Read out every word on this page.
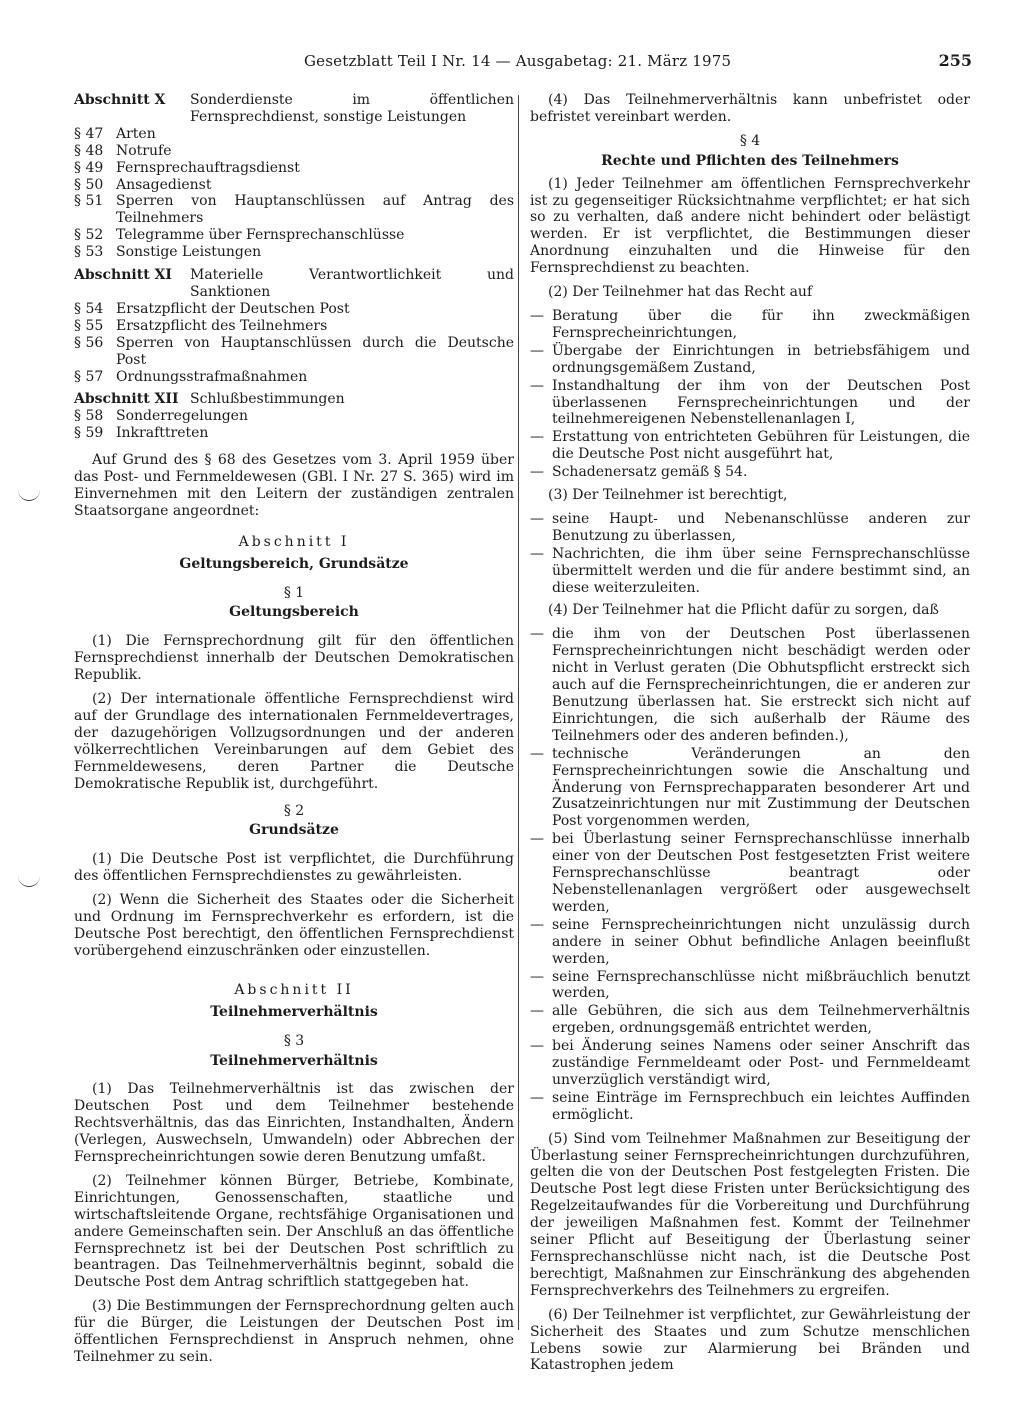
Gesetzblatt Teil I Nr. 14 — Ausgabetag: 21. März 1975	255
Abschnitt X	Sonderdienste im öffentlichen Fernsprechdienst, sonstige Leistungen
§ 47 Arten
§ 48 Notrufe
§ 49 Fernsprechauftragsdienst
§ 50 Ansagedienst
§ 51 Sperren von Hauptanschlüssen auf Antrag des Teilnehmers
§ 52 Telegramme über Fernsprechanschlüsse
§ 53 Sonstige Leistungen
Abschnitt XI	Materielle Verantwortlichkeit und Sanktionen
§ 54 Ersatzpflicht der Deutschen Post
§ 55 Ersatzpflicht des Teilnehmers
§ 56 Sperren von Hauptanschlüssen durch die Deutsche Post
§ 57 Ordnungsstrafmaßnahmen
Abschnitt XII Schlußbestimmungen
§ 58 Sonderregelungen
§ 59 Inkrafttreten

Auf Grund des § 68 des Gesetzes vom 3. April 1959 über das Post- und Fernmeldewesen (GBl. I Nr. 27 S. 365) wird im Einvernehmen mit den Leitern der zuständigen zentralen Staatsorgane angeordnet:

Abschnitt I
Geltungsbereich, Grundsätze
§ 1
Geltungsbereich

(1) Die Fernsprechordnung gilt für den öffentlichen Fernsprechdienst innerhalb der Deutschen Demokratischen Republik.

(2) Der internationale öffentliche Fernsprechdienst wird auf der Grundlage des internationalen Fernmeldevertrages, der dazugehörigen Vollzugsordnungen und der anderen völkerrechtlichen Vereinbarungen auf dem Gebiet des Fernmeldewesens, deren Partner die Deutsche Demokratische Republik ist, durchgeführt.

§ 2
Grundsätze

(1) Die Deutsche Post ist verpflichtet, die Durchführung des öffentlichen Fernsprechdienstes zu gewährleisten.

(2) Wenn die Sicherheit des Staates oder die Sicherheit und Ordnung im Fernsprechverkehr es erfordern, ist die Deutsche Post berechtigt, den öffentlichen Fernsprechdienst vorübergehend einzuschränken oder einzustellen.

Abschnitt II
Teilnehmerverhältnis
§ 3
Teilnehmerverhältnis

(1) Das Teilnehmerverhältnis ist das zwischen der Deutschen Post und dem Teilnehmer bestehende Rechtsverhältnis, das das Einrichten, Instandhalten, Ändern (Verlegen, Auswechseln, Umwandeln) oder Abbrechen der Fernsprecheinrichtungen sowie deren Benutzung umfaßt.

(2) Teilnehmer können Bürger, Betriebe, Kombinate, Einrichtungen, Genossenschaften, staatliche und wirtschaftsleitende Organe, rechtsfähige Organisationen und andere Gemeinschaften sein. Der Anschluß an das öffentliche Fernsprechnetz ist bei der Deutschen Post schriftlich zu beantragen. Das Teilnehmerverhältnis beginnt, sobald die Deutsche Post dem Antrag schriftlich stattgegeben hat.

(3) Die Bestimmungen der Fernsprechordnung gelten auch für die Bürger, die Leistungen der Deutschen Post im öffentlichen Fernsprechdienst in Anspruch nehmen, ohne Teilnehmer zu sein.

(4) Das Teilnehmerverhältnis kann unbefristet oder befristet vereinbart werden.

§ 4
Rechte und Pflichten des Teilnehmers

(1) Jeder Teilnehmer am öffentlichen Fernsprechverkehr ist zu gegenseitiger Rücksichtnahme verpflichtet; er hat sich so zu verhalten, daß andere nicht behindert oder belästigt werden. Er ist verpflichtet, die Bestimmungen dieser Anordnung einzuhalten und die Hinweise für den Fernsprechdienst zu beachten.

(2) Der Teilnehmer hat das Recht auf

— Beratung über die für ihn zweckmäßigen Fernsprecheinrichtungen,
— Übergabe der Einrichtungen in betriebsfähigem und ordnungsgemäßem Zustand,
— Instandhaltung der ihm von der Deutschen Post überlassenen Fernsprecheinrichtungen und der teilnehmereigenen Nebenstellenanlagen I,
— Erstattung von entrichteten Gebühren für Leistungen, die die Deutsche Post nicht ausgeführt hat,
— Schadenersatz gemäß § 54.

(3) Der Teilnehmer ist berechtigt,

— seine Haupt- und Nebenanschlüsse anderen zur Benutzung zu überlassen,
— Nachrichten, die ihm über seine Fernsprechanschlüsse übermittelt werden und die für andere bestimmt sind, an diese weiterzuleiten.

(4) Der Teilnehmer hat die Pflicht dafür zu sorgen, daß

— die ihm von der Deutschen Post überlassenen Fernsprecheinrichtungen nicht beschädigt werden oder nicht in Verlust geraten (Die Obhutspflicht erstreckt sich auch auf die Fernsprecheinrichtungen, die er anderen zur Benutzung überlassen hat. Sie erstreckt sich nicht auf Einrichtungen, die sich außerhalb der Räume des Teilnehmers oder des anderen befinden.),
— technische Veränderungen an den Fernsprecheinrichtungen sowie die Anschaltung und Änderung von Fernsprechapparaten besonderer Art und Zusatzeinrichtungen nur mit Zustimmung der Deutschen Post vorgenommen werden,
— bei Überlastung seiner Fernsprechanschlüsse innerhalb einer von der Deutschen Post festgesetzten Frist weitere Fernsprechanschlüsse beantragt oder Nebenstellenanlagen vergrößert oder ausgewechselt werden,
— seine Fernsprecheinrichtungen nicht unzulässig durch andere in seiner Obhut befindliche Anlagen beeinflußt werden,
— seine Fernsprechanschlüsse nicht mißbräuchlich benutzt werden,
— alle Gebühren, die sich aus dem Teilnehmerverhältnis ergeben, ordnungsgemäß entrichtet werden,
— bei Änderung seines Namens oder seiner Anschrift das zuständige Fernmeldeamt oder Post- und Fernmeldeamt unverzüglich verständigt wird,
— seine Einträge im Fernsprechbuch ein leichtes Auffinden ermöglicht.

(5) Sind vom Teilnehmer Maßnahmen zur Beseitigung der Überlastung seiner Fernsprecheinrichtungen durchzuführen, gelten die von der Deutschen Post festgelegten Fristen. Die Deutsche Post legt diese Fristen unter Berücksichtigung des Regelzeitaufwandes für die Vorbereitung und Durchführung der jeweiligen Maßnahmen fest. Kommt der Teilnehmer seiner Pflicht auf Beseitigung der Überlastung seiner Fernsprechanschlüsse nicht nach, ist die Deutsche Post berechtigt, Maßnahmen zur Einschränkung des abgehenden Fernsprechverkehrs des Teilnehmers zu ergreifen.

(6) Der Teilnehmer ist verpflichtet, zur Gewährleistung der Sicherheit des Staates und zum Schutze menschlichen Lebens sowie zur Alarmierung bei Bränden und Katastrophen jedem
